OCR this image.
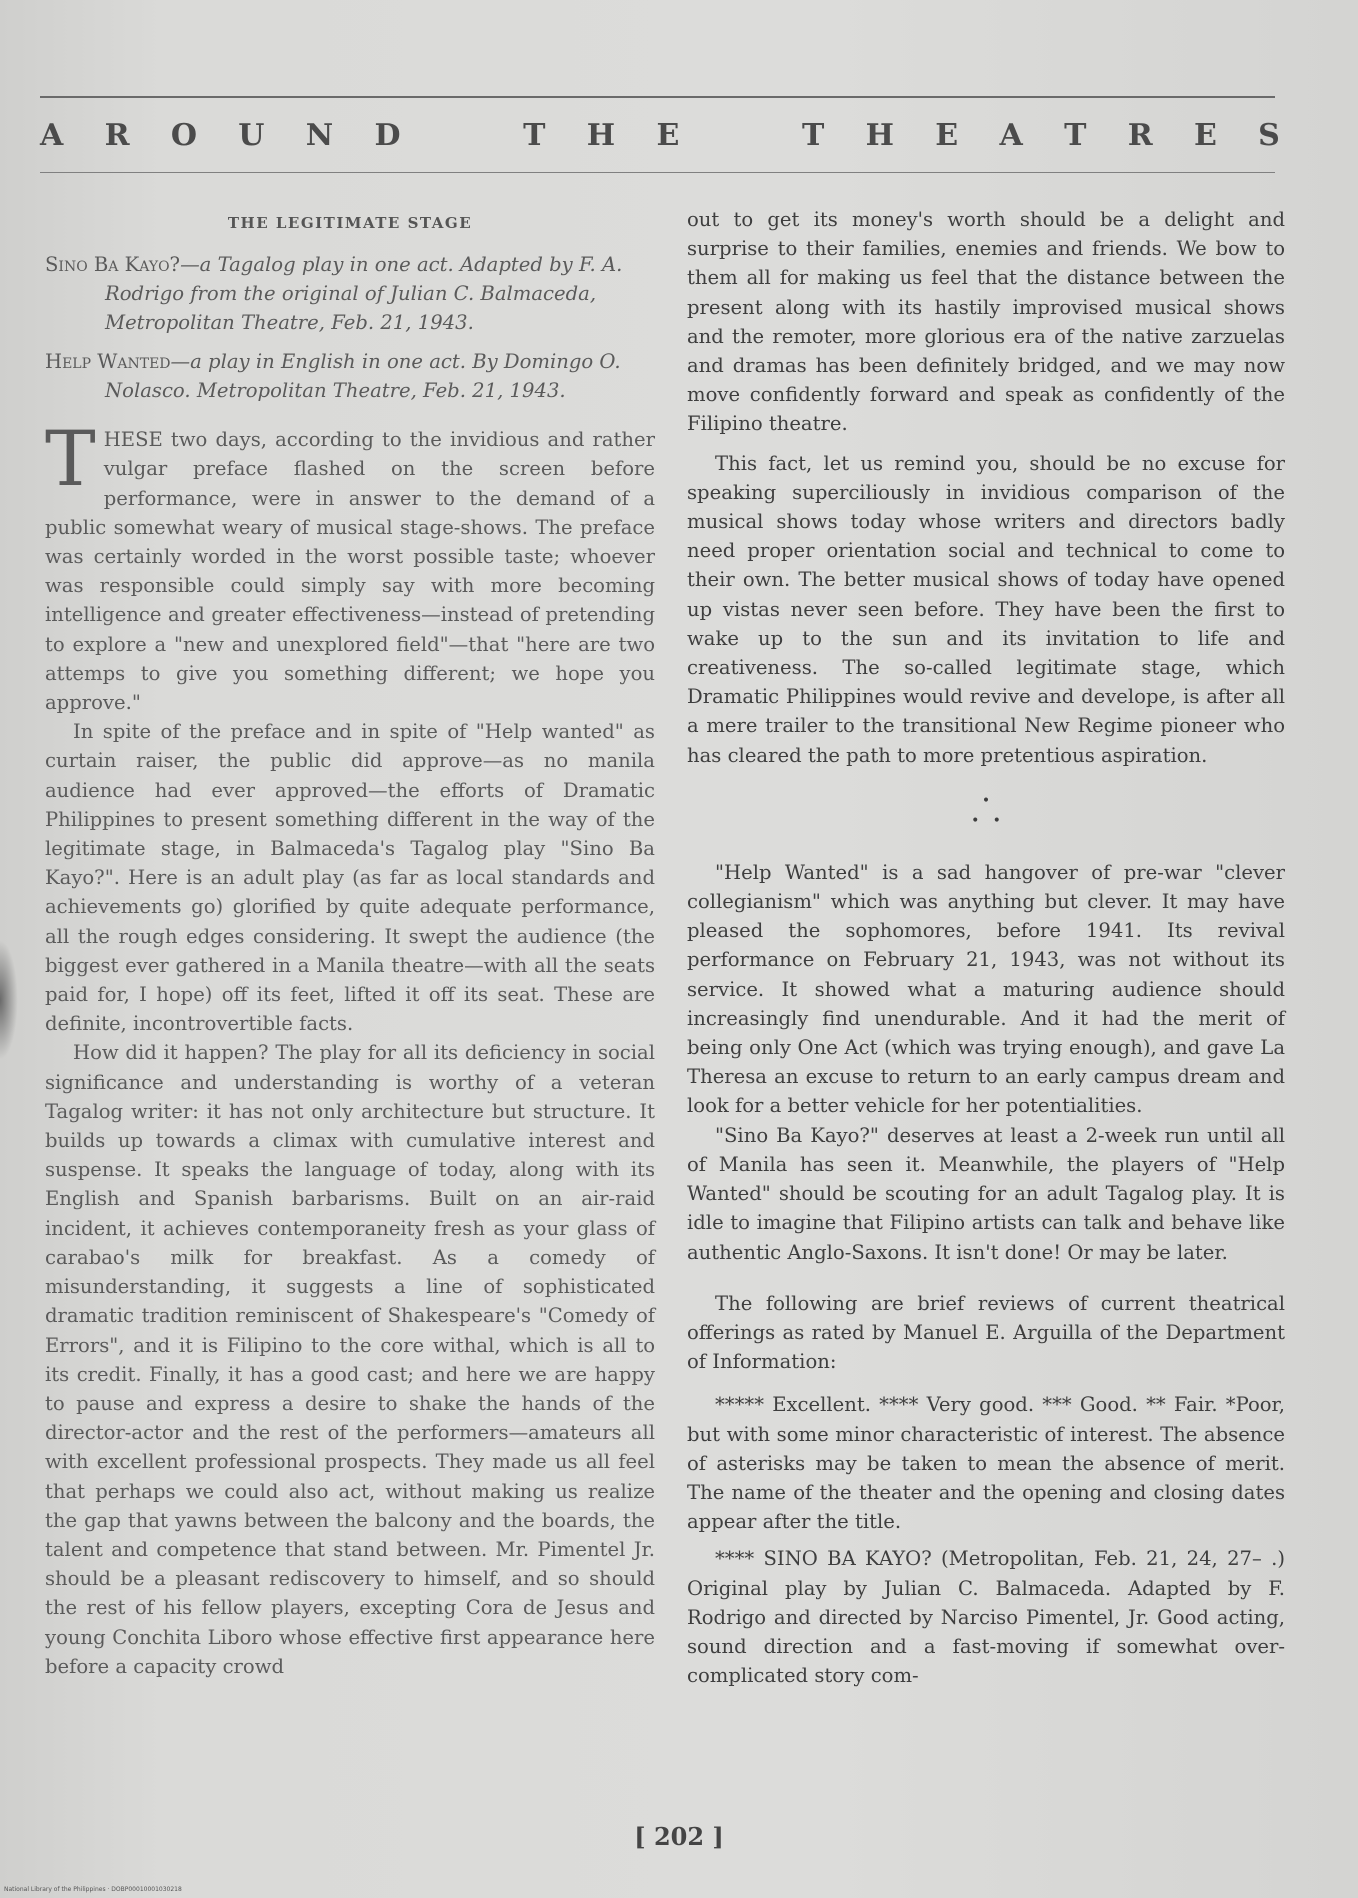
A R O U N D	T H E	T H E A T R E S
THE LEGITIMATE STAGE
Sino Ba Kayo?—a Tagalog play in one act. Adapted by F. A. Rodrigo from the original of Julian C. Balmaceda, Metropolitan Theatre, Feb. 21, 1943.
Help Wanted—a play in English in one act. By Domingo O. Nolasco. Metropolitan Theatre, Feb. 21, 1943.

THESE two days, according to the invidious and rather vulgar preface flashed on the screen before performance, were in answer to the demand of a public somewhat weary of musical stage-shows. The preface was certainly worded in the worst possible taste; whoever was responsible could simply say with more becoming intelligence and greater effectiveness—instead of pretending to explore a "new and unexplored field"—that "here are two attemps to give you something different; we hope you approve."

In spite of the preface and in spite of "Help wanted" as curtain raiser, the public did approve—as no manila audience had ever approved—the efforts of Dramatic Philippines to present something different in the way of the legitimate stage, in Balmaceda's Tagalog play "Sino Ba Kayo?". Here is an adult play (as far as local standards and achievements go) glorified by quite adequate performance, all the rough edges considering. It swept the audience (the biggest ever gathered in a Manila theatre—with all the seats paid for, I hope) off its feet, lifted it off its seat. These are definite, incontrovertible facts.

How did it happen? The play for all its deficiency in social significance and understanding is worthy of a veteran Tagalog writer: it has not only architecture but structure. It builds up towards a climax with cumulative interest and suspense. It speaks the language of today, along with its English and Spanish barbarisms. Built on an air-raid incident, it achieves contemporaneity fresh as your glass of carabao's milk for breakfast. As a comedy of misunderstanding, it suggests a line of sophisticated dramatic tradition reminiscent of Shakespeare's "Comedy of Errors", and it is Filipino to the core withal, which is all to its credit. Finally, it has a good cast; and here we are happy to pause and express a desire to shake the hands of the director-actor and the rest of the performers—amateurs all with excellent professional prospects. They made us all feel that perhaps we could also act, without making us realize the gap that yawns between the balcony and the boards, the talent and competence that stand between. Mr. Pimentel Jr. should be a pleasant rediscovery to himself, and so should the rest of his fellow players, excepting Cora de Jesus and young Conchita Liboro whose effective first appearance here before a capacity crowd

out to get its money's worth should be a delight and surprise to their families, enemies and friends. We bow to them all for making us feel that the distance between the present along with its hastily improvised musical shows and the remoter, more glorious era of the native zarzuelas and dramas has been definitely bridged, and we may now move confidently forward and speak as confidently of the Filipino theatre.

This fact, let us remind you, should be no excuse for speaking superciliously in invidious comparison of the musical shows today whose writers and directors badly need proper orientation social and technical to come to their own. The better musical shows of today have opened up vistas never seen before. They have been the first to wake up to the sun and its invitation to life and creativeness. The so-called legitimate stage, which Dramatic Philippines would revive and develope, is after all a mere trailer to the transitional New Regime pioneer who has cleared the path to more pretentious aspiration.

•
•   •

"Help Wanted" is a sad hangover of pre-war "clever collegianism" which was anything but clever. It may have pleased the sophomores, before 1941. Its revival performance on February 21, 1943, was not without its service. It showed what a maturing audience should increasingly find unendurable. And it had the merit of being only One Act (which was trying enough), and gave La Theresa an excuse to return to an early campus dream and look for a better vehicle for her potentialities.

"Sino Ba Kayo?" deserves at least a 2-week run until all of Manila has seen it. Meanwhile, the players of "Help Wanted" should be scouting for an adult Tagalog play. It is idle to imagine that Filipino artists can talk and behave like authentic Anglo-Saxons. It isn't done! Or may be later.

The following are brief reviews of current theatrical offerings as rated by Manuel E. Arguilla of the Department of Information:

***** Excellent. **** Very good. *** Good. ** Fair. *Poor, but with some minor characteristic of interest. The absence of asterisks may be taken to mean the absence of merit. The name of the theater and the opening and closing dates appear after the title.

**** SINO BA KAYO? (Metropolitan, Feb. 21, 24, 27– .) Original play by Julian C. Balmaceda. Adapted by F. Rodrigo and directed by Narciso Pimentel, Jr. Good acting, sound direction and a fast-moving if somewhat over-complicated story com-

[ 202 ]
National Library of the Philippines · DOBP00010001030218
